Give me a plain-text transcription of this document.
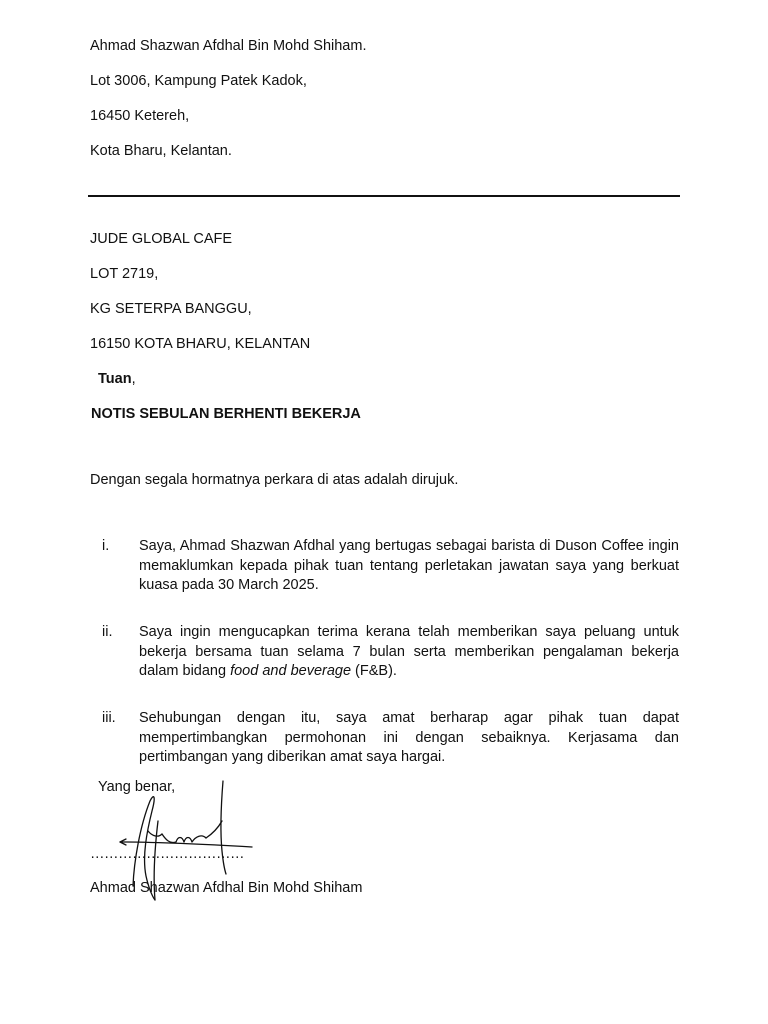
Ahmad Shazwan Afdhal Bin Mohd Shiham.
Lot 3006, Kampung Patek Kadok,
16450 Ketereh,
Kota Bharu, Kelantan.
JUDE GLOBAL CAFE
LOT 2719,
KG SETERPA BANGGU,
16150 KOTA BHARU, KELANTAN
Tuan,
NOTIS SEBULAN BERHENTI BEKERJA
Dengan segala hormatnya perkara di atas adalah dirujuk.
i. Saya, Ahmad Shazwan Afdhal yang bertugas sebagai barista di Duson Coffee ingin memaklumkan kepada pihak tuan tentang perletakan jawatan saya yang berkuat kuasa pada 30 March 2025.
ii. Saya ingin mengucapkan terima kerana telah memberikan saya peluang untuk bekerja bersama tuan selama 7 bulan serta memberikan pengalaman bekerja dalam bidang food and beverage (F&B).
iii. Sehubungan dengan itu, saya amat berharap agar pihak tuan dapat mempertimbangkan permohonan ini dengan sebaiknya. Kerjasama dan pertimbangan yang diberikan amat saya hargai.
Yang benar,
……………………………
Ahmad Shazwan Afdhal Bin Mohd Shiham
